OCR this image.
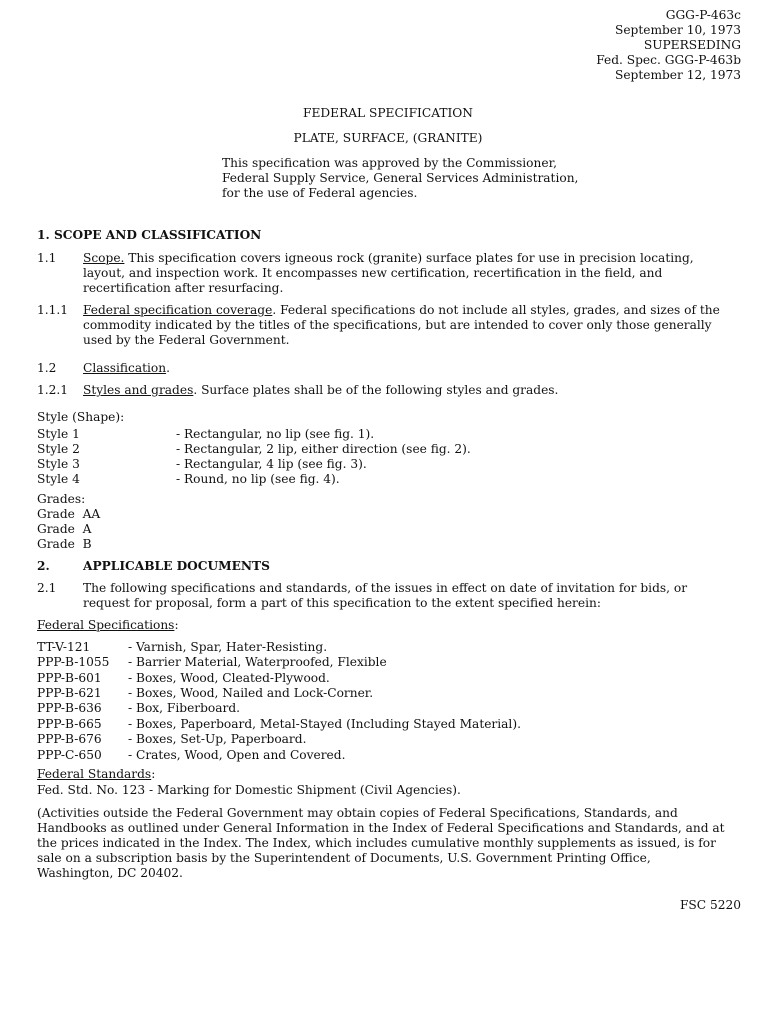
GGG-P-463c
September 10, 1973
SUPERSEDING
Fed. Spec. GGG-P-463b
September 12, 1973
FEDERAL SPECIFICATION
PLATE, SURFACE, (GRANITE)
This specification was approved by the Commissioner,
Federal Supply Service, General Services Administration,
for the use of Federal agencies.
1. SCOPE AND CLASSIFICATION
1.1 Scope. This specification covers igneous rock (granite) surface plates for use in precision locating,
layout, and inspection work. It encompasses new certification, recertification in the field, and
recertification after resurfacing.
1.1.1 Federal specification coverage. Federal specifications do not include all styles, grades, and sizes of the
commodity indicated by the titles of the specifications, but are intended to cover only those generally
used by the Federal Government.
1.2 Classification.
1.2.1 Styles and grades. Surface plates shall be of the following styles and grades.
Style (Shape):
Style 1	- Rectangular, no lip (see fig. 1).
Style 2	- Rectangular, 2 lip, either direction (see fig. 2).
Style 3	- Rectangular, 4 lip (see fig. 3).
Style 4	- Round, no lip (see fig. 4).
Grades:
Grade  AA
Grade  A
Grade  B
2.	APPLICABLE DOCUMENTS
2.1 The following specifications and standards, of the issues in effect on date of invitation for bids, or
request for proposal, form a part of this specification to the extent specified herein:
Federal Specifications:
TT-V-121	- Varnish, Spar, Hater-Resisting.
PPP-B-1055 - Barrier Material, Waterproofed, Flexible
PPP-B-601 - Boxes, Wood, Cleated-Plywood.
PPP-B-621 - Boxes, Wood, Nailed and Lock-Corner.
PPP-B-636 - Box, Fiberboard.
PPP-B-665 - Boxes, Paperboard, Metal-Stayed (Including Stayed Material).
PPP-B-676 - Boxes, Set-Up, Paperboard.
PPP-C-650 - Crates, Wood, Open and Covered.
Federal Standards:
Fed. Std. No. 123 - Marking for Domestic Shipment (Civil Agencies).
(Activities outside the Federal Government may obtain copies of Federal Specifications, Standards, and
Handbooks as outlined under General Information in the Index of Federal Specifications and Standards, and at
the prices indicated in the Index. The Index, which includes cumulative monthly supplements as issued, is for
sale on a subscription basis by the Superintendent of Documents, U.S. Government Printing Office,
Washington, DC 20402.
FSC 5220
